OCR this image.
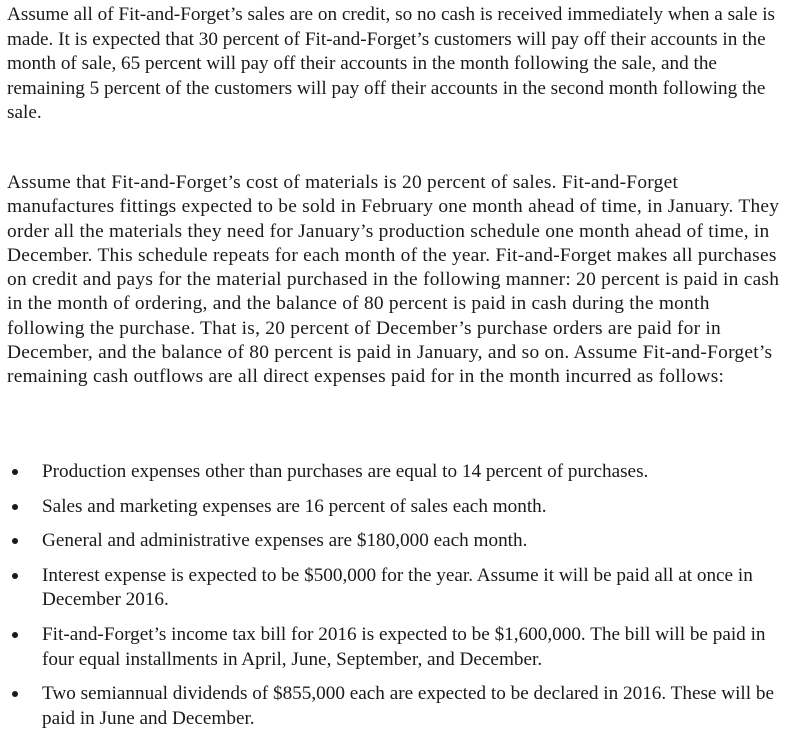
Assume all of Fit-and-Forget’s sales are on credit, so no cash is received immediately when a sale is made. It is expected that 30 percent of Fit-and-Forget’s customers will pay off their accounts in the month of sale, 65 percent will pay off their accounts in the month following the sale, and the remaining 5 percent of the customers will pay off their accounts in the second month following the sale.

Assume that Fit-and-Forget’s cost of materials is 20 percent of sales. Fit-and-Forget manufactures fittings expected to be sold in February one month ahead of time, in January. They order all the materials they need for January’s production schedule one month ahead of time, in December. This schedule repeats for each month of the year. Fit-and-Forget makes all purchases on credit and pays for the material purchased in the following manner: 20 percent is paid in cash in the month of ordering, and the balance of 80 percent is paid in cash during the month following the purchase. That is, 20 percent of December’s purchase orders are paid for in December, and the balance of 80 percent is paid in January, and so on. Assume Fit-and-Forget’s remaining cash outflows are all direct expenses paid for in the month incurred as follows:

Production expenses other than purchases are equal to 14 percent of purchases.
Sales and marketing expenses are 16 percent of sales each month.
General and administrative expenses are $180,000 each month.
Interest expense is expected to be $500,000 for the year. Assume it will be paid all at once in December 2016.
Fit-and-Forget’s income tax bill for 2016 is expected to be $1,600,000. The bill will be paid in four equal installments in April, June, September, and December.
Two semiannual dividends of $855,000 each are expected to be declared in 2016. These will be paid in June and December.
